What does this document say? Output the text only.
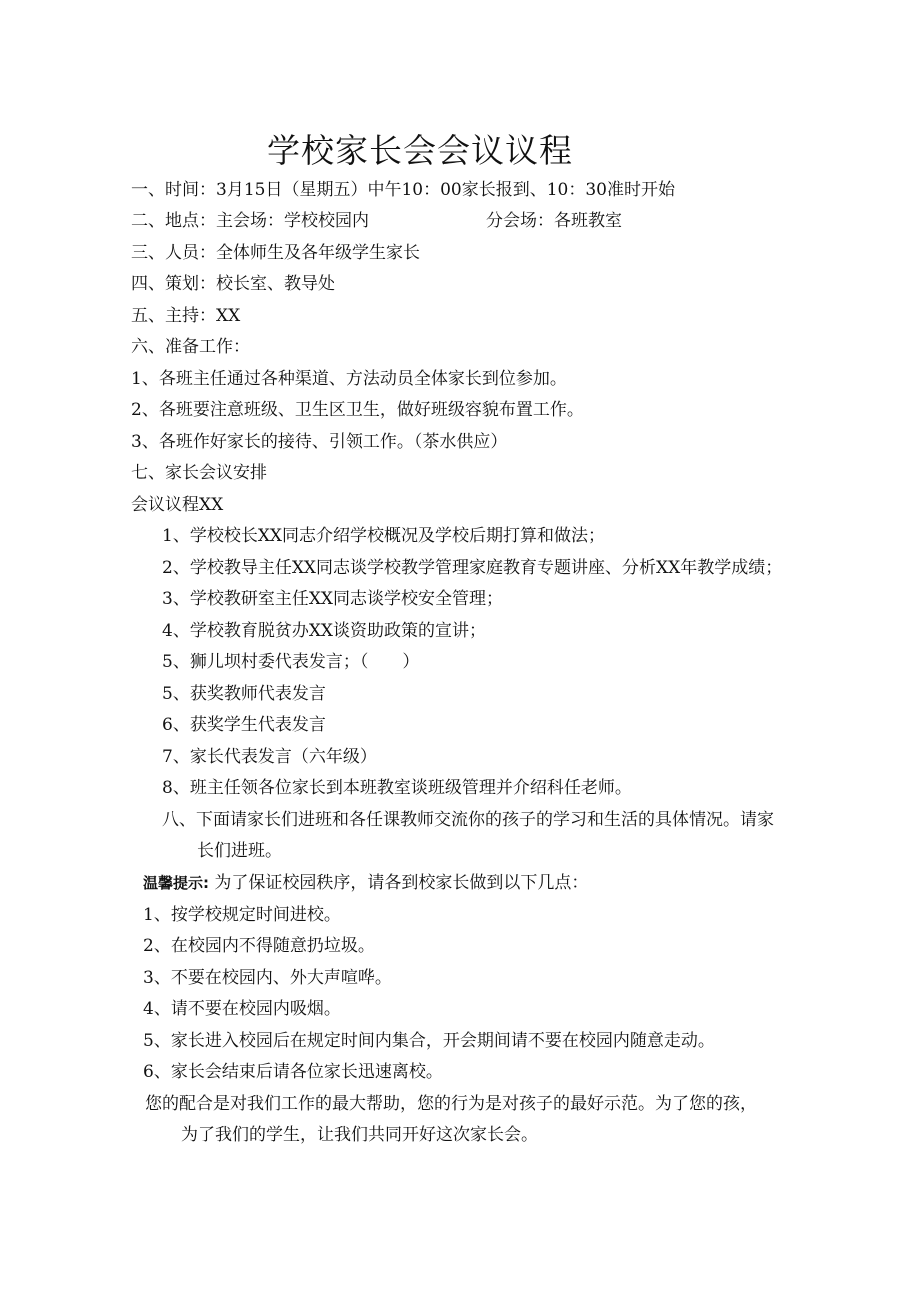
学校家长会会议议程
一、时间：3月15日（星期五）中午10：00家长报到、10：30准时开始
二、地点：主会场：学校校园内	分会场：各班教室
三、人员：全体师生及各年级学生家长
四、策划：校长室、教导处
五、主持：XX
六、准备工作：
1、各班主任通过各种渠道、方法动员全体家长到位参加。
2、各班要注意班级、卫生区卫生，做好班级容貌布置工作。
3、各班作好家长的接待、引领工作。（茶水供应）
七、家长会议安排
会议议程XX
1、学校校长XX同志介绍学校概况及学校后期打算和做法；
2、学校教导主任XX同志谈学校教学管理家庭教育专题讲座、分析XX年教学成绩；
3、学校教研室主任XX同志谈学校安全管理；
4、学校教育脱贫办XX谈资助政策的宣讲；
5、狮儿坝村委代表发言；（　　）
5、获奖教师代表发言
6、获奖学生代表发言
7、家长代表发言（六年级）
8、班主任领各位家长到本班教室谈班级管理并介绍科任老师。
八、下面请家长们进班和各任课教师交流你的孩子的学习和生活的具体情况。请家
长们进班。
温馨提示: 为了保证校园秩序，请各到校家长做到以下几点：
1、按学校规定时间进校。
2、在校园内不得随意扔垃圾。
3、不要在校园内、外大声喧哗。
4、请不要在校园内吸烟。
5、家长进入校园后在规定时间内集合，开会期间请不要在校园内随意走动。
6、家长会结束后请各位家长迅速离校。
您的配合是对我们工作的最大帮助，您的行为是对孩子的最好示范。为了您的孩，
为了我们的学生，让我们共同开好这次家长会。
